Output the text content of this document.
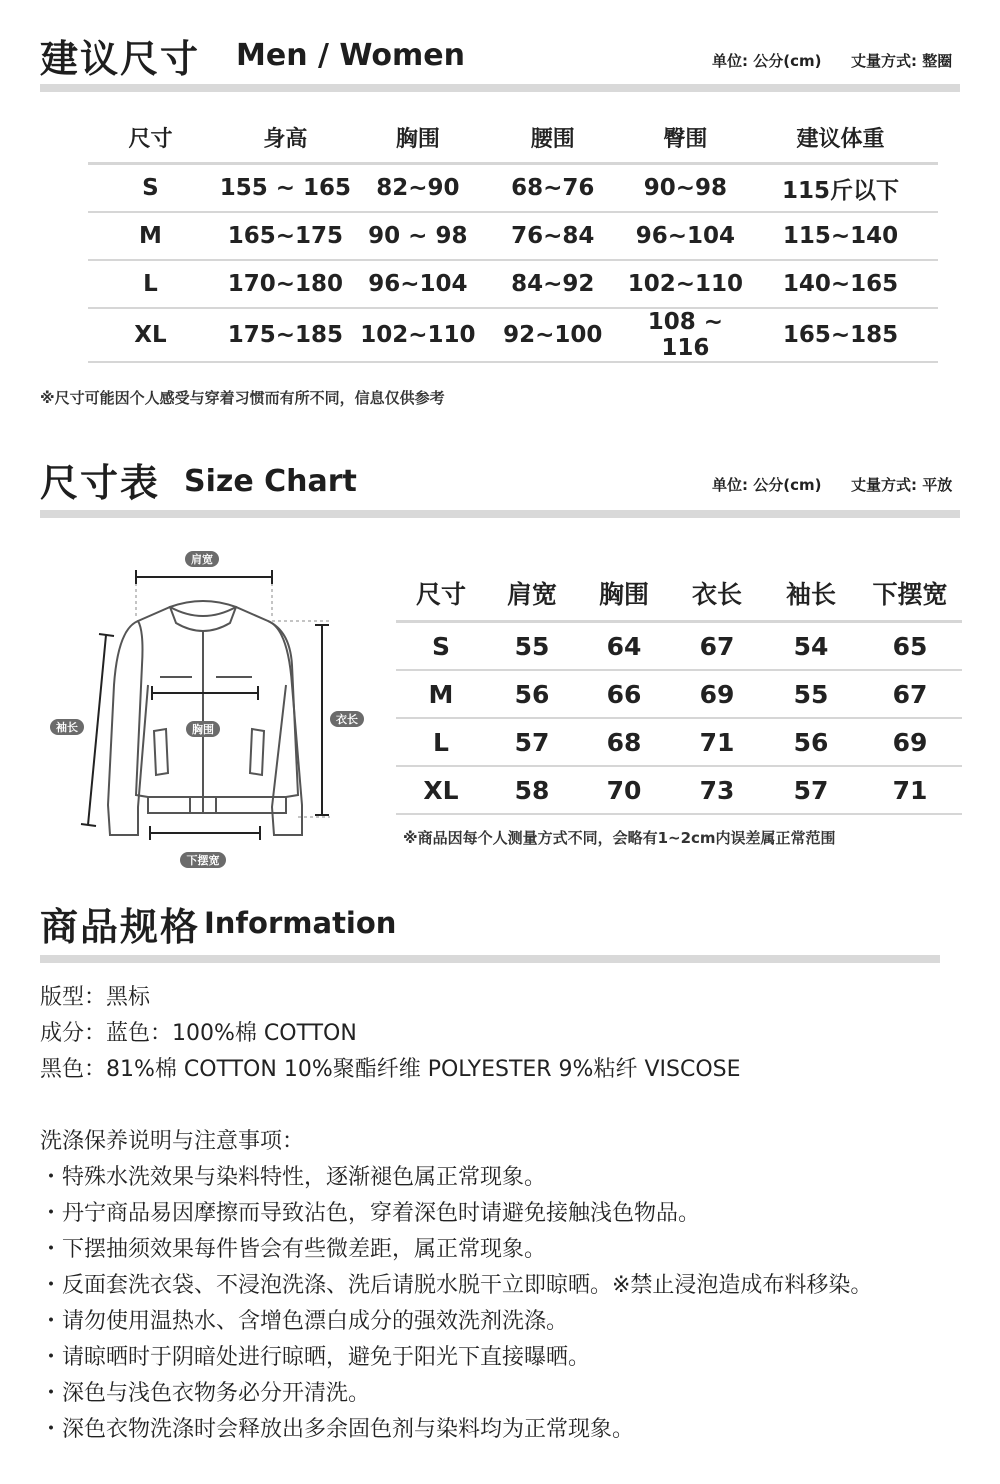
建议尺寸 Men / Women	单位: 公分(cm) 丈量方式: 整圈
尺寸	身高	胸围	腰围	臀围	建议体重
S	155 ~ 165	82~90	68~76	90~98	115斤以下
M	165~175	90 ~ 98	76~84	96~104	115~140
L	170~180	96~104	84~92	102~110	140~165
XL	175~185	102~110	92~100	108 ~ 116	165~185
※尺寸可能因个人感受与穿着习惯而有所不同，信息仅供参考
尺寸表 Size Chart	单位: 公分(cm) 丈量方式: 平放
肩宽
胸围
衣长
袖长
下摆宽
尺寸	肩宽	胸围	衣长	袖长	下摆宽
S	55	64	67	54	65
M	56	66	69	55	67
L	57	68	71	56	69
XL	58	70	73	57	71
※商品因每个人测量方式不同，会略有1~2cm内误差属正常范围
商品规格 Information
版型：黑标
成分：蓝色：100%棉 COTTON
黑色：81%棉 COTTON 10%聚酯纤维 POLYESTER 9%粘纤 VISCOSE
洗涤保养说明与注意事项：
・特殊水洗效果与染料特性，逐渐褪色属正常现象。
・丹宁商品易因摩擦而导致沾色，穿着深色时请避免接触浅色物品。
・下摆抽须效果每件皆会有些微差距，属正常现象。
・反面套洗衣袋、不浸泡洗涤、洗后请脱水脱干立即晾晒。※禁止浸泡造成布料移染。
・请勿使用温热水、含增色漂白成分的强效洗剂洗涤。
・请晾晒时于阴暗处进行晾晒，避免于阳光下直接曝晒。
・深色与浅色衣物务必分开清洗。
・深色衣物洗涤时会释放出多余固色剂与染料均为正常现象。
